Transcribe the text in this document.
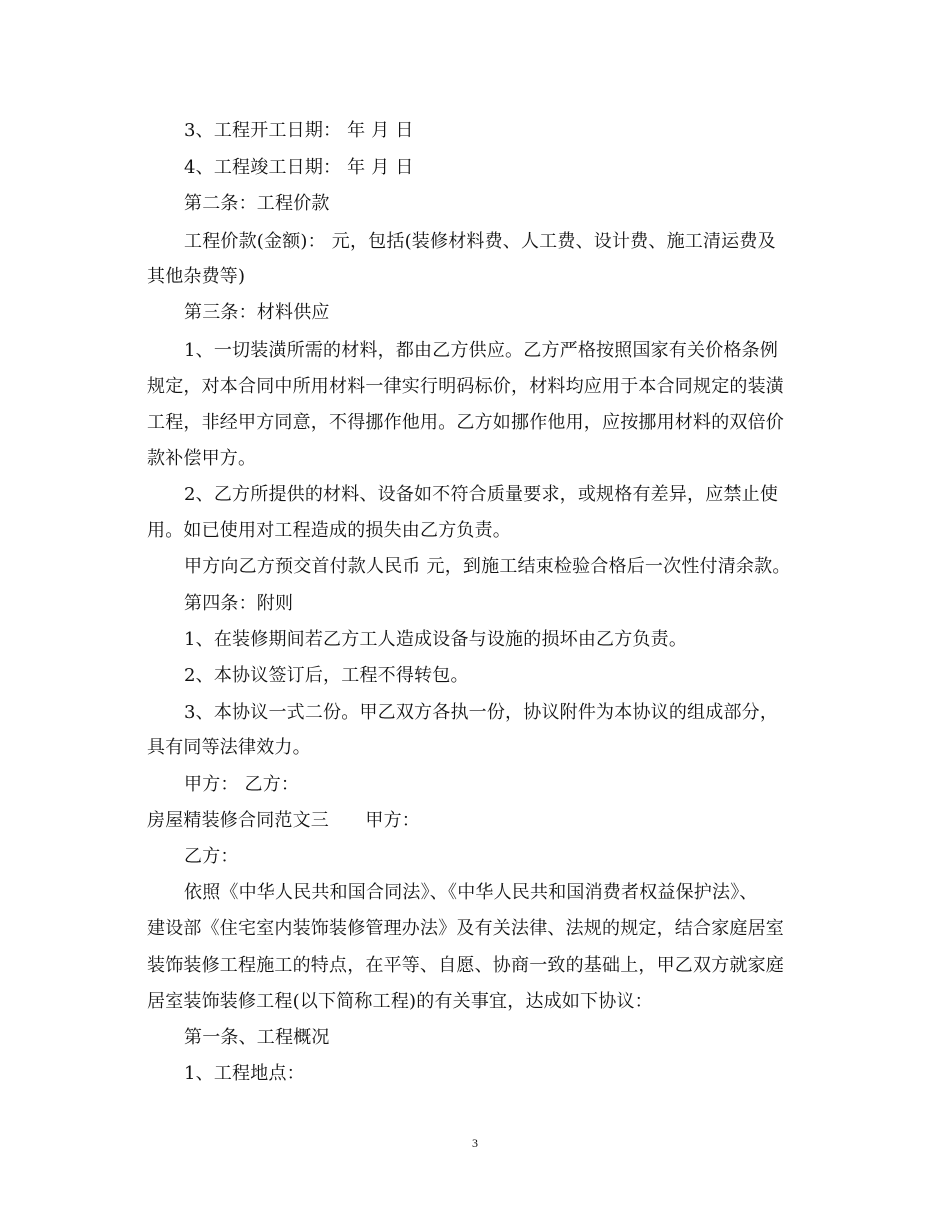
3、工程开工日期： 年 月 日
4、工程竣工日期： 年 月 日
第二条：工程价款
工程价款(金额)： 元，包括(装修材料费、人工费、设计费、施工清运费及
其他杂费等)
第三条：材料供应
1、一切装潢所需的材料，都由乙方供应。乙方严格按照国家有关价格条例
规定，对本合同中所用材料一律实行明码标价，材料均应用于本合同规定的装潢
工程，非经甲方同意，不得挪作他用。乙方如挪作他用，应按挪用材料的双倍价
款补偿甲方。
2、乙方所提供的材料、设备如不符合质量要求，或规格有差异，应禁止使
用。如已使用对工程造成的损失由乙方负责。
甲方向乙方预交首付款人民币 元，到施工结束检验合格后一次性付清余款。
第四条：附则
1、在装修期间若乙方工人造成设备与设施的损坏由乙方负责。
2、本协议签订后，工程不得转包。
3、本协议一式二份。甲乙双方各执一份，协议附件为本协议的组成部分，
具有同等法律效力。
甲方： 乙方：
房屋精装修合同范文三　　甲方：
乙方：
依照《中华人民共和国合同法》、《中华人民共和国消费者权益保护法》、
建设部《住宅室内装饰装修管理办法》及有关法律、法规的规定，结合家庭居室
装饰装修工程施工的特点，在平等、自愿、协商一致的基础上，甲乙双方就家庭
居室装饰装修工程(以下简称工程)的有关事宜，达成如下协议：
第一条、工程概况
1、工程地点：
3
